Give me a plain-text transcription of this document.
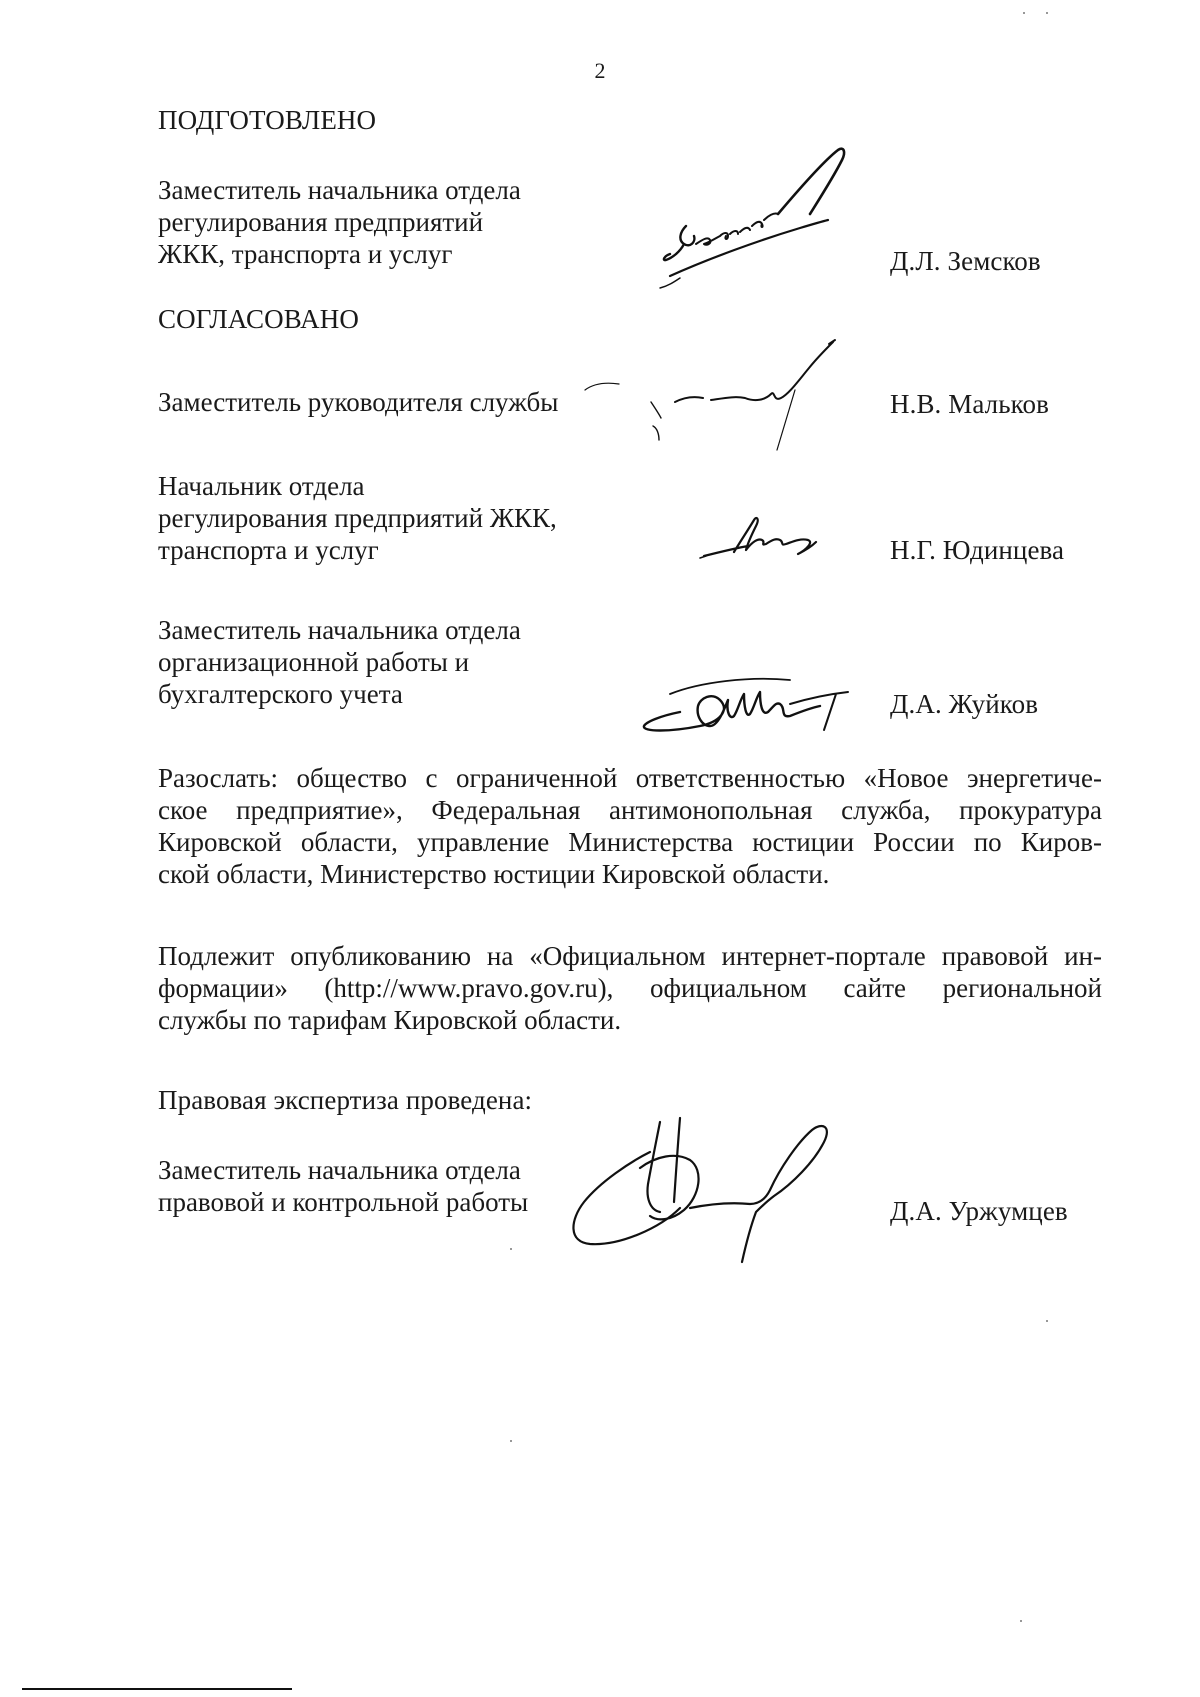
2
ПОДГОТОВЛЕНО
Заместитель начальника отдела
регулирования предприятий
ЖКК, транспорта и услуг	Д.Л. Земсков
СОГЛАСОВАНО
Заместитель руководителя службы	Н.В. Мальков
Начальник отдела
регулирования предприятий ЖКК,
транспорта и услуг	Н.Г. Юдинцева
Заместитель начальника отдела
организационной работы и
бухгалтерского учета	Д.А. Жуйков
Разослать: общество с ограниченной ответственностью «Новое энергетиче-
ское предприятие», Федеральная антимонопольная служба, прокуратура
Кировской области, управление Министерства юстиции России по Киров-
ской области, Министерство юстиции Кировской области.
Подлежит опубликованию на «Официальном интернет-портале правовой ин-
формации» (http://www.pravo.gov.ru), официальном сайте региональной
службы по тарифам Кировской области.
Правовая экспертиза проведена:
Заместитель начальника отдела
правовой и контрольной работы	Д.А. Уржумцев
